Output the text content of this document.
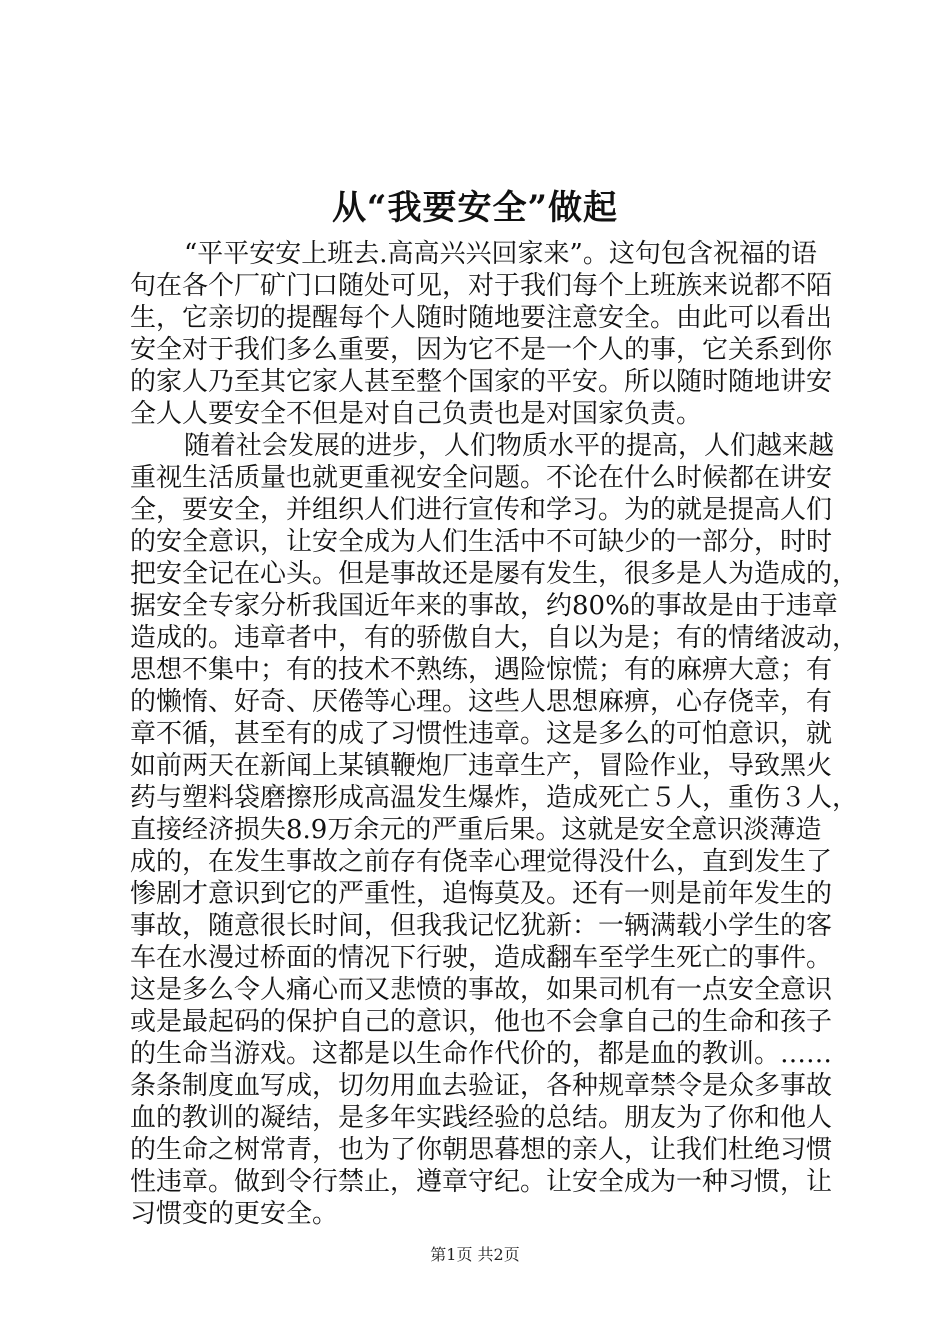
从“我要安全”做起
“平平安安上班去.高高兴兴回家来”。这句包含祝福的语
句在各个厂矿门口随处可见，对于我们每个上班族来说都不陌
生，它亲切的提醒每个人随时随地要注意安全。由此可以看出
安全对于我们多么重要，因为它不是一个人的事，它关系到你
的家人乃至其它家人甚至整个国家的平安。所以随时随地讲安
全人人要安全不但是对自己负责也是对国家负责。
随着社会发展的进步，人们物质水平的提高，人们越来越
重视生活质量也就更重视安全问题。不论在什么时候都在讲安
全，要安全，并组织人们进行宣传和学习。为的就是提高人们
的安全意识，让安全成为人们生活中不可缺少的一部分，时时
把安全记在心头。但是事故还是屡有发生，很多是人为造成的，
据安全专家分析我国近年来的事故，约80%的事故是由于违章
造成的。违章者中，有的骄傲自大，自以为是；有的情绪波动，
思想不集中；有的技术不熟练，遇险惊慌；有的麻痹大意；有
的懒惰、好奇、厌倦等心理。这些人思想麻痹，心存侥幸，有
章不循，甚至有的成了习惯性违章。这是多么的可怕意识，就
如前两天在新闻上某镇鞭炮厂违章生产，冒险作业，导致黑火
药与塑料袋磨擦形成高温发生爆炸，造成死亡５人，重伤３人，
直接经济损失8.9万余元的严重后果。这就是安全意识淡薄造
成的，在发生事故之前存有侥幸心理觉得没什么，直到发生了
惨剧才意识到它的严重性，追悔莫及。还有一则是前年发生的
事故，随意很长时间，但我我记忆犹新：一辆满载小学生的客
车在水漫过桥面的情况下行驶，造成翻车至学生死亡的事件。
这是多么令人痛心而又悲愤的事故，如果司机有一点安全意识
或是最起码的保护自己的意识，他也不会拿自己的生命和孩子
的生命当游戏。这都是以生命作代价的，都是血的教训。……
条条制度血写成，切勿用血去验证，各种规章禁令是众多事故
血的教训的凝结，是多年实践经验的总结。朋友为了你和他人
的生命之树常青，也为了你朝思暮想的亲人，让我们杜绝习惯
性违章。做到令行禁止，遵章守纪。让安全成为一种习惯，让
习惯变的更安全。
第1页 共2页
